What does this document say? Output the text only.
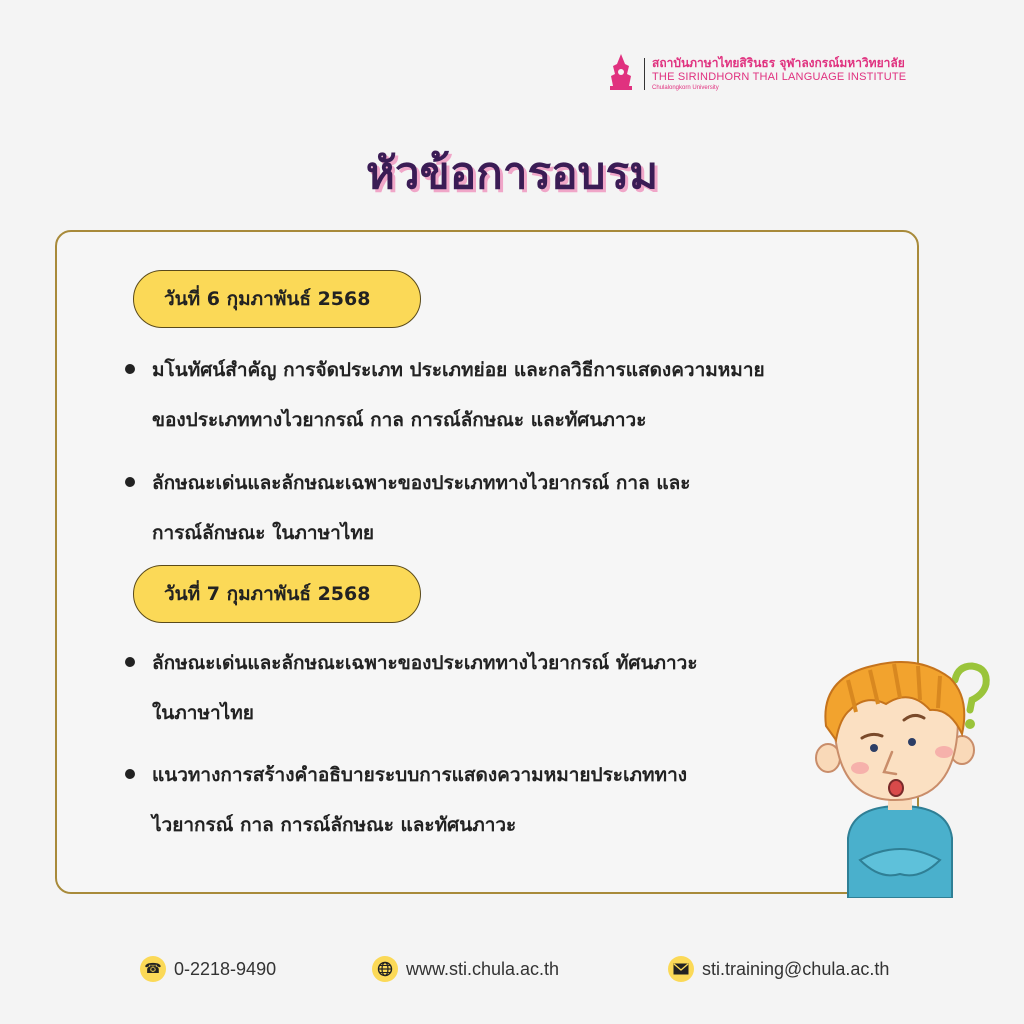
สถาบันภาษาไทยสิรินธร จุฬาลงกรณ์มหาวิทยาลัย
THE SIRINDHORN THAI LANGUAGE INSTITUTE
Chulalongkorn University
หัวข้อการอบรม
วันที่ 6 กุมภาพันธ์ 2568
มโนทัศน์สำคัญ การจัดประเภท ประเภทย่อย และกลวิธีการแสดงความหมาย
ของประเภททางไวยากรณ์ กาล การณ์ลักษณะ และทัศนภาวะ
ลักษณะเด่นและลักษณะเฉพาะของประเภททางไวยากรณ์ กาล และ
การณ์ลักษณะ ในภาษาไทย
วันที่ 7 กุมภาพันธ์ 2568
ลักษณะเด่นและลักษณะเฉพาะของประเภททางไวยากรณ์ ทัศนภาวะ
ในภาษาไทย
แนวทางการสร้างคำอธิบายระบบการแสดงความหมายประเภททาง
ไวยากรณ์ กาล การณ์ลักษณะ และทัศนภาวะ
☎ 0-2218-9490	www.sti.chula.ac.th	sti.training@chula.ac.th
